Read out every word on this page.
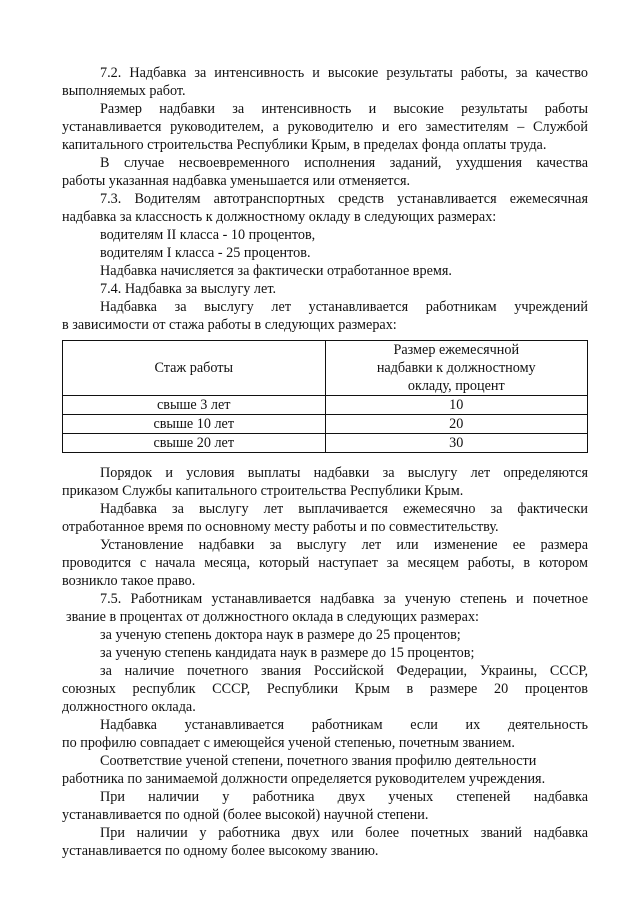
7.2. Надбавка за интенсивность и высокие результаты работы, за качество
выполняемых работ.
Размер надбавки за интенсивность и высокие результаты работы
устанавливается руководителем, а руководителю и его заместителям – Службой
капитального строительства Республики Крым, в пределах фонда оплаты труда.
В случае несвоевременного исполнения заданий, ухудшения качества
работы указанная надбавка уменьшается или отменяется.
7.3. Водителям автотранспортных средств устанавливается ежемесячная
надбавка за классность к должностному окладу в следующих размерах:
водителям II класса - 10 процентов,
водителям I класса - 25 процентов.
Надбавка начисляется за фактически отработанное время.
7.4. Надбавка за выслугу лет.
Надбавка за выслугу лет устанавливается работникам учреждений
в зависимости от стажа работы в следующих размерах:
Стаж работы	Размер ежемесячной
надбавки к должностному
окладу, процент

свыше 3 лет	10
свыше 10 лет	20
свыше 20 лет	30
Порядок и условия выплаты надбавки за выслугу лет определяются
приказом Службы капитального строительства Республики Крым.
Надбавка за выслугу лет выплачивается ежемесячно за фактически
отработанное время по основному месту работы и по совместительству.
Установление надбавки за выслугу лет или изменение ее размера
проводится с начала месяца, который наступает за месяцем работы, в котором
возникло такое право.
7.5. Работникам устанавливается надбавка за ученую степень и почетное
звание в процентах от должностного оклада в следующих размерах:
за ученую степень доктора наук в размере до 25 процентов;
за ученую степень кандидата наук в размере до 15 процентов;
за наличие почетного звания Российской Федерации, Украины, СССР,
союзных республик СССР, Республики Крым в размере 20 процентов
должностного оклада.
Надбавка устанавливается работникам если их деятельность
по профилю совпадает с имеющейся ученой степенью, почетным званием.
Соответствие ученой степени, почетного звания профилю деятельности
работника по занимаемой должности определяется руководителем учреждения.
При наличии у работника двух ученых степеней надбавка
устанавливается по одной (более высокой) научной степени.
При наличии у работника двух или более почетных званий надбавка
устанавливается по одному более высокому званию.
